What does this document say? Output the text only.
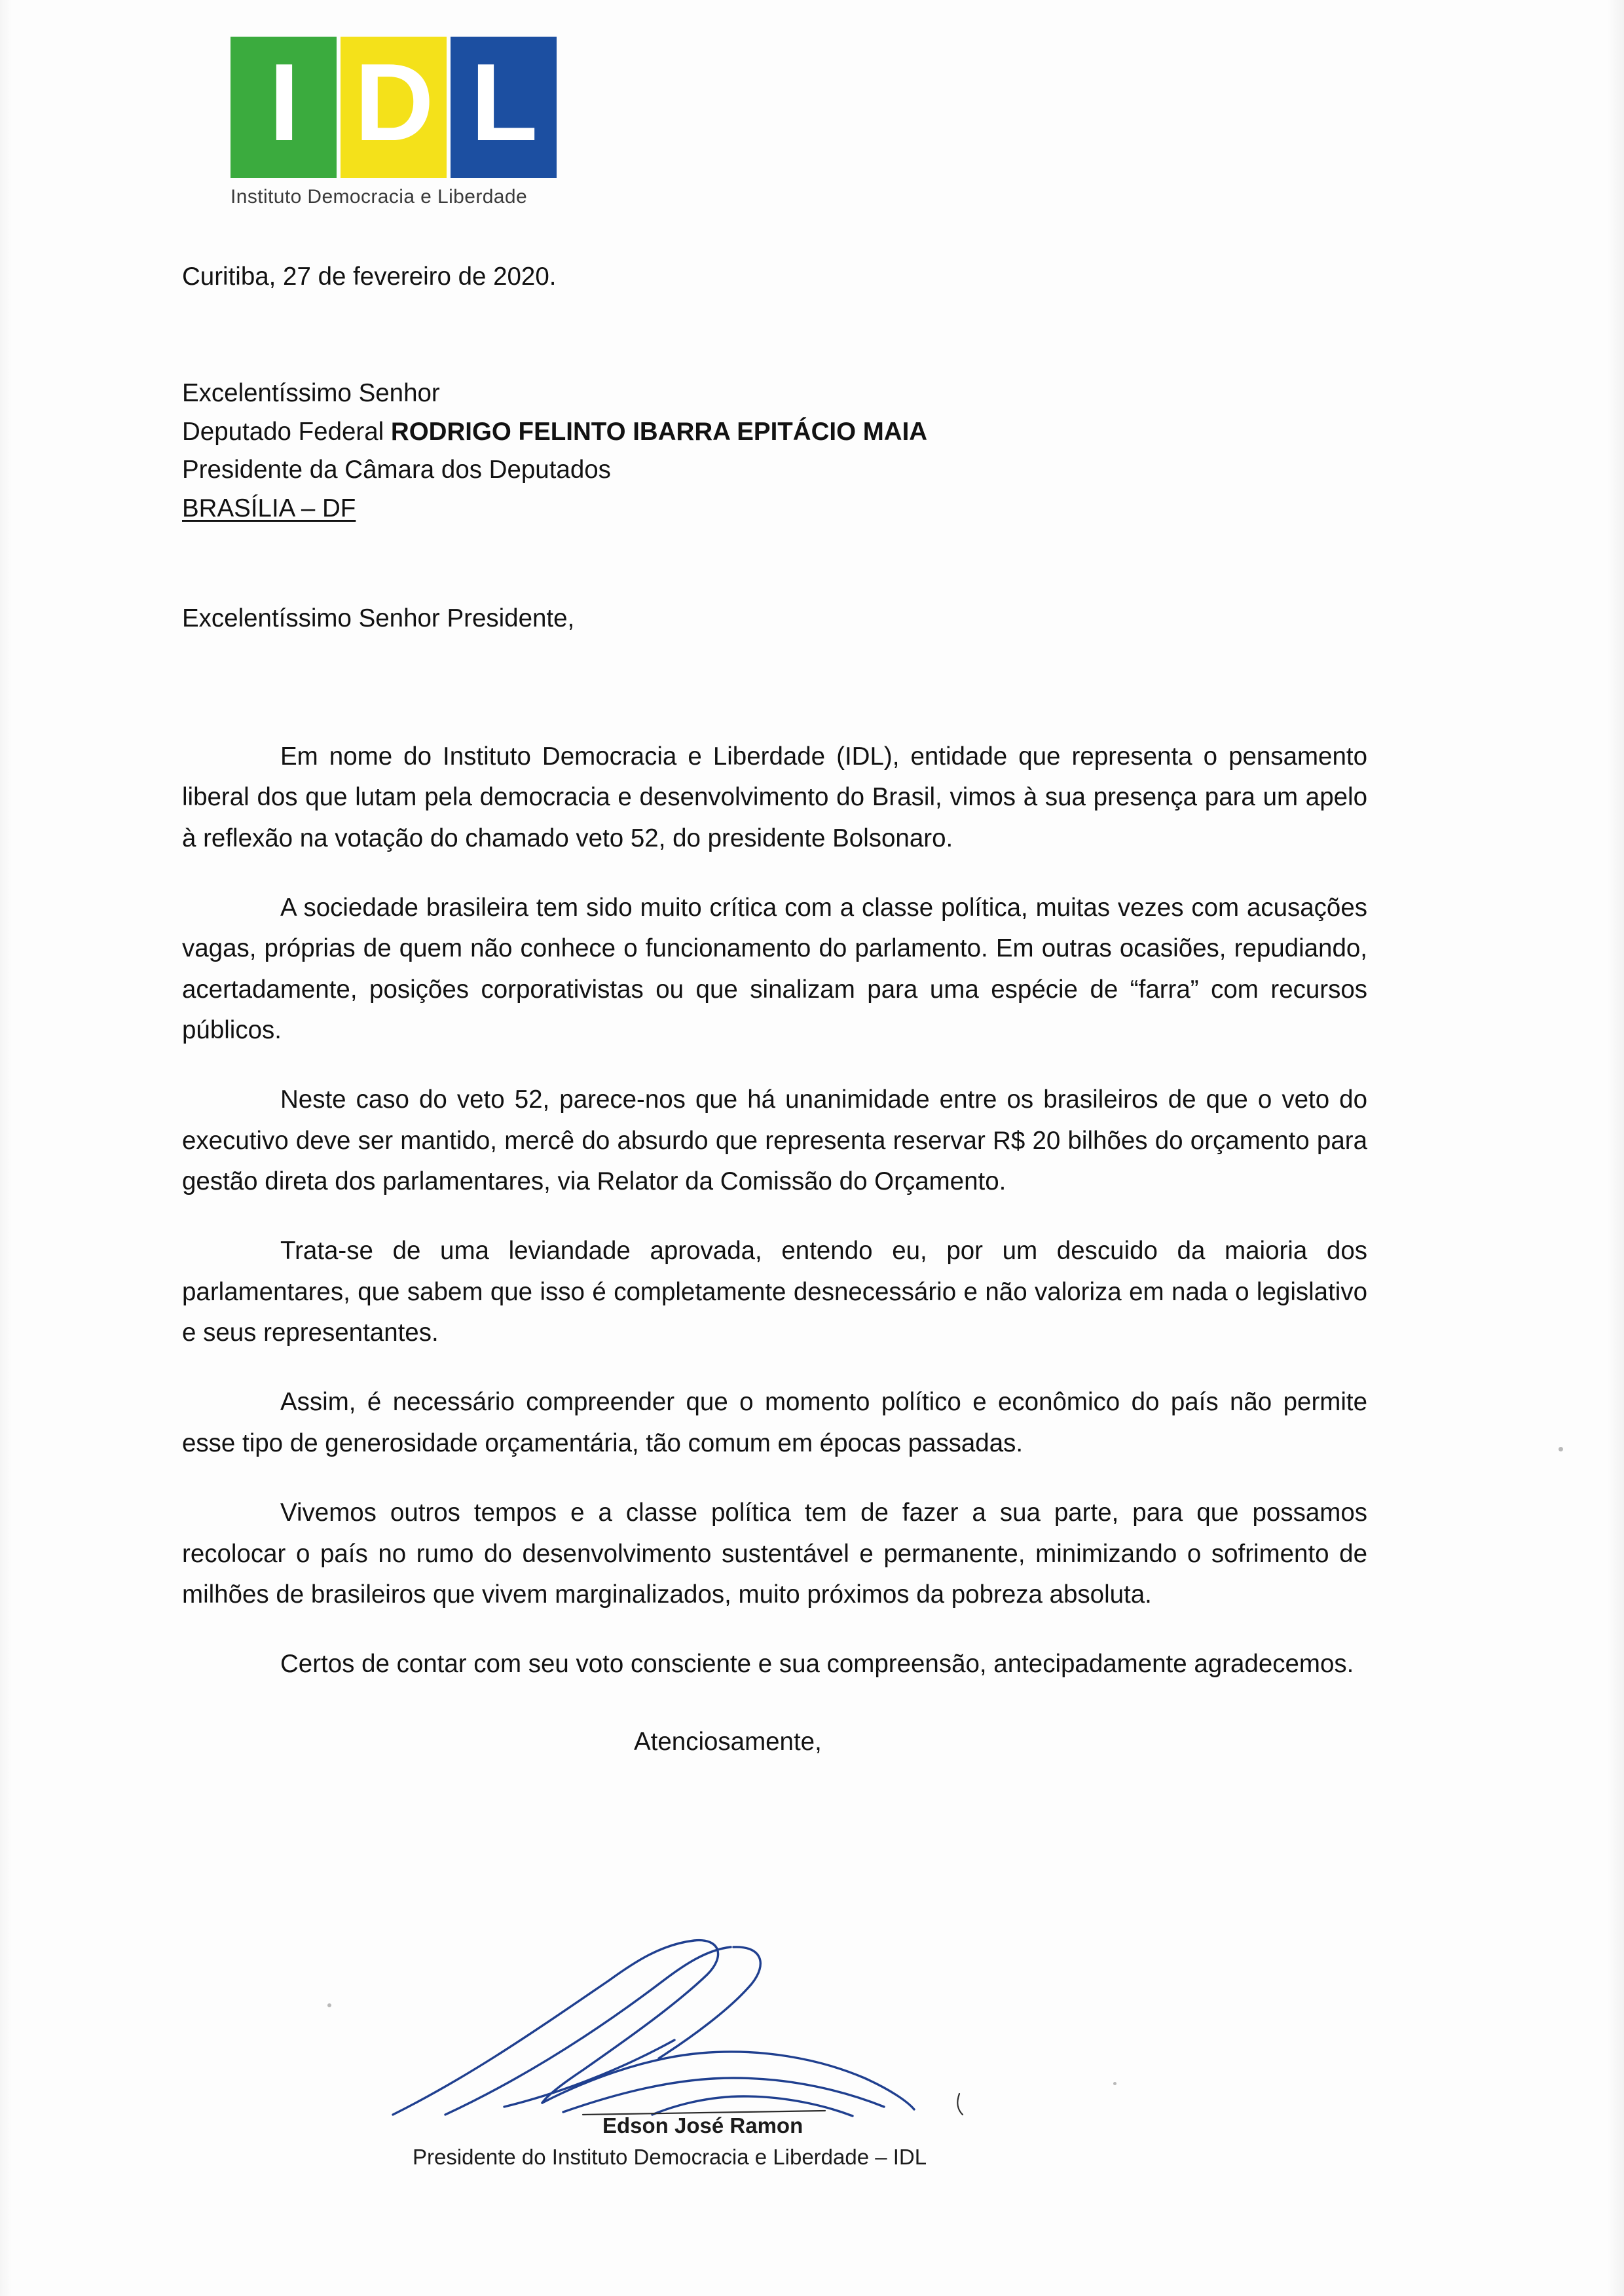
I D L
Instituto Democracia e Liberdade

Curitiba, 27 de fevereiro de 2020.

Excelentíssimo Senhor
Deputado Federal RODRIGO FELINTO IBARRA EPITÁCIO MAIA
Presidente da Câmara dos Deputados
BRASÍLIA – DF

Excelentíssimo Senhor Presidente,

Em nome do Instituto Democracia e Liberdade (IDL), entidade que representa o pensamento liberal dos que lutam pela democracia e desenvolvimento do Brasil, vimos à sua presença para um apelo à reflexão na votação do chamado veto 52, do presidente Bolsonaro.

A sociedade brasileira tem sido muito crítica com a classe política, muitas vezes com acusações vagas, próprias de quem não conhece o funcionamento do parlamento. Em outras ocasiões, repudiando, acertadamente, posições corporativistas ou que sinalizam para uma espécie de “farra” com recursos públicos.

Neste caso do veto 52, parece-nos que há unanimidade entre os brasileiros de que o veto do executivo deve ser mantido, mercê do absurdo que representa reservar R$ 20 bilhões do orçamento para gestão direta dos parlamentares, via Relator da Comissão do Orçamento.

Trata-se de uma leviandade aprovada, entendo eu, por um descuido da maioria dos parlamentares, que sabem que isso é completamente desnecessário e não valoriza em nada o legislativo e seus representantes.

Assim, é necessário compreender que o momento político e econômico do país não permite esse tipo de generosidade orçamentária, tão comum em épocas passadas.

Vivemos outros tempos e a classe política tem de fazer a sua parte, para que possamos recolocar o país no rumo do desenvolvimento sustentável e permanente, minimizando o sofrimento de milhões de brasileiros que vivem marginalizados, muito próximos da pobreza absoluta.

Certos de contar com seu voto consciente e sua compreensão, antecipadamente agradecemos.

Atenciosamente,

Edson José Ramon
Presidente do Instituto Democracia e Liberdade – IDL
